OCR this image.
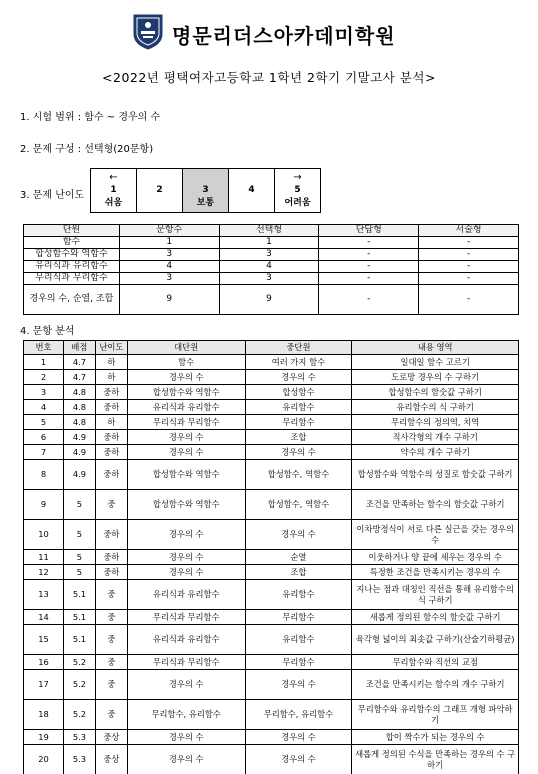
명문리더스아카데미학원
<2022년 평택여자고등학교 1학년 2학기 기말고사 분석>
1. 시험 범위 : 함수 ~ 경우의 수
2. 문제 구성 : 선택형(20문항)
3. 문제 난이도
←
1
쉬움	2	3
보통	4	
→
5
어려움
단원	문항수	선택형	단답형	서술형
함수	1	1	-	-
합성함수와 역함수	3	3	-	-
유리식과 유리함수	4	4	-	-
무리식과 무리함수	3	3	-	-
경우의 수, 순열, 조합	9	9	-	-
4. 문항 분석
번호	배점	난이도	대단원	중단원	내용 영역
1	4.7	하	함수	여러 가지 함수	일대일 함수 고르기
2	4.7	하	경우의 수	경우의 수	도로망 경우의 수 구하기
3	4.8	중하	합성함수와 역함수	합성함수	합성함수의 함숫값 구하기
4	4.8	중하	유리식과 유리함수	유리함수	유리함수의 식 구하기
5	4.8	하	무리식과 무리함수	무리함수	무리함수의 정의역, 치역
6	4.9	중하	경우의 수	조합	직사각형의 개수 구하기
7	4.9	중하	경우의 수	경우의 수	약수의 개수 구하기
8	4.9	중하	합성함수와 역함수	합성함수, 역함수	합성함수와 역함수의 성질로 함숫값 구하기
9	5	중	합성함수와 역함수	합성함수, 역함수	조건을 만족하는 함수의 함숫값 구하기
10	5	중하	경우의 수	경우의 수	이차방정식이 서로 다른 실근을 갖는 경우의 수
11	5	중하	경우의 수	순열	이웃하거나 양 끝에 세우는 경우의 수
12	5	중하	경우의 수	조합	특정한 조건을 만족시키는 경우의 수
13	5.1	중	유리식과 유리함수	유리함수	지나는 점과 대칭인 직선을 통해 유리함수의 식 구하기
14	5.1	중	무리식과 무리함수	무리함수	새롭게 정의된 함수의 함숫값 구하기
15	5.1	중	유리식과 유리함수	유리함수	육각형 넓이의 최솟값 구하기(산술기하평균)
16	5.2	중	무리식과 무리함수	무리함수	무리함수와 직선의 교점
17	5.2	중	경우의 수	경우의 수	조건을 만족시키는 함수의 개수 구하기
18	5.2	중	무리함수, 유리함수	무리함수, 유리함수	무리함수와 유리함수의 그래프 개형 파악하기
19	5.3	중상	경우의 수	경우의 수	합이 짝수가 되는 경우의 수
20	5.3	중상	경우의 수	경우의 수	새롭게 정의된 수식을 만족하는 경우의 수 구하기
